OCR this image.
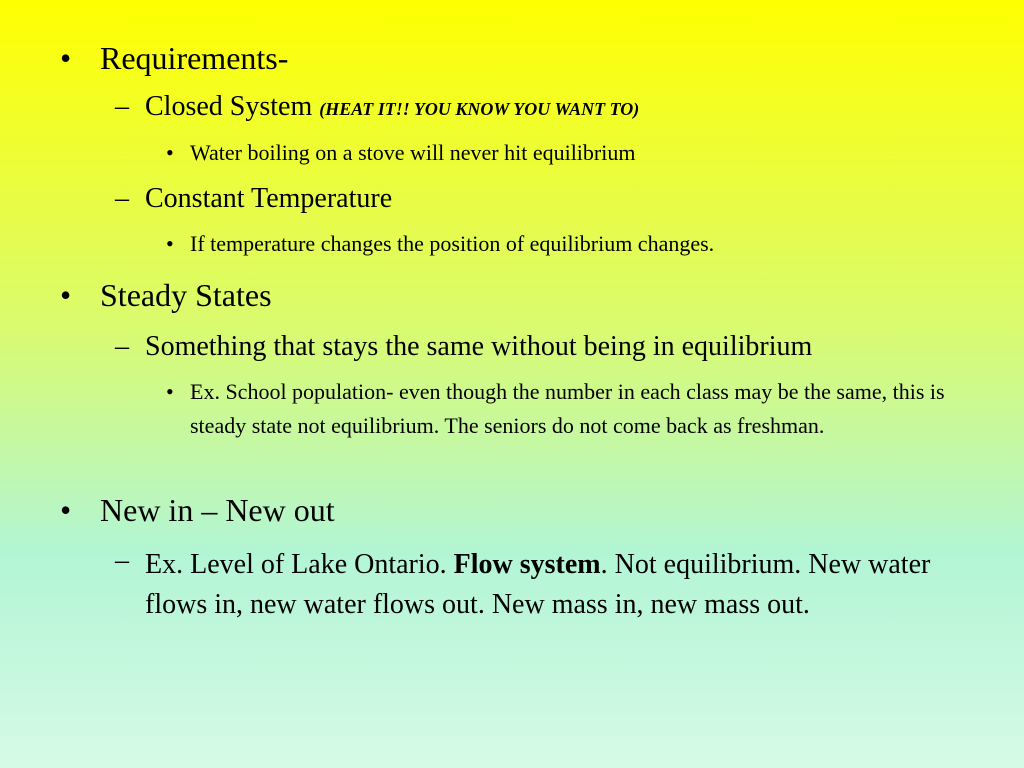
• Requirements-
– Closed System (HEAT IT!! YOU KNOW YOU WANT TO)
• Water boiling on a stove will never hit equilibrium
– Constant Temperature
• If temperature changes the position of equilibrium changes.
• Steady States
– Something that stays the same without being in equilibrium
• Ex. School population- even though the number in each class may be the same, this is steady state not equilibrium. The seniors do not come back as freshman.
• New in – New out
– Ex. Level of Lake Ontario. Flow system. Not equilibrium. New water flows in, new water flows out. New mass in, new mass out.
